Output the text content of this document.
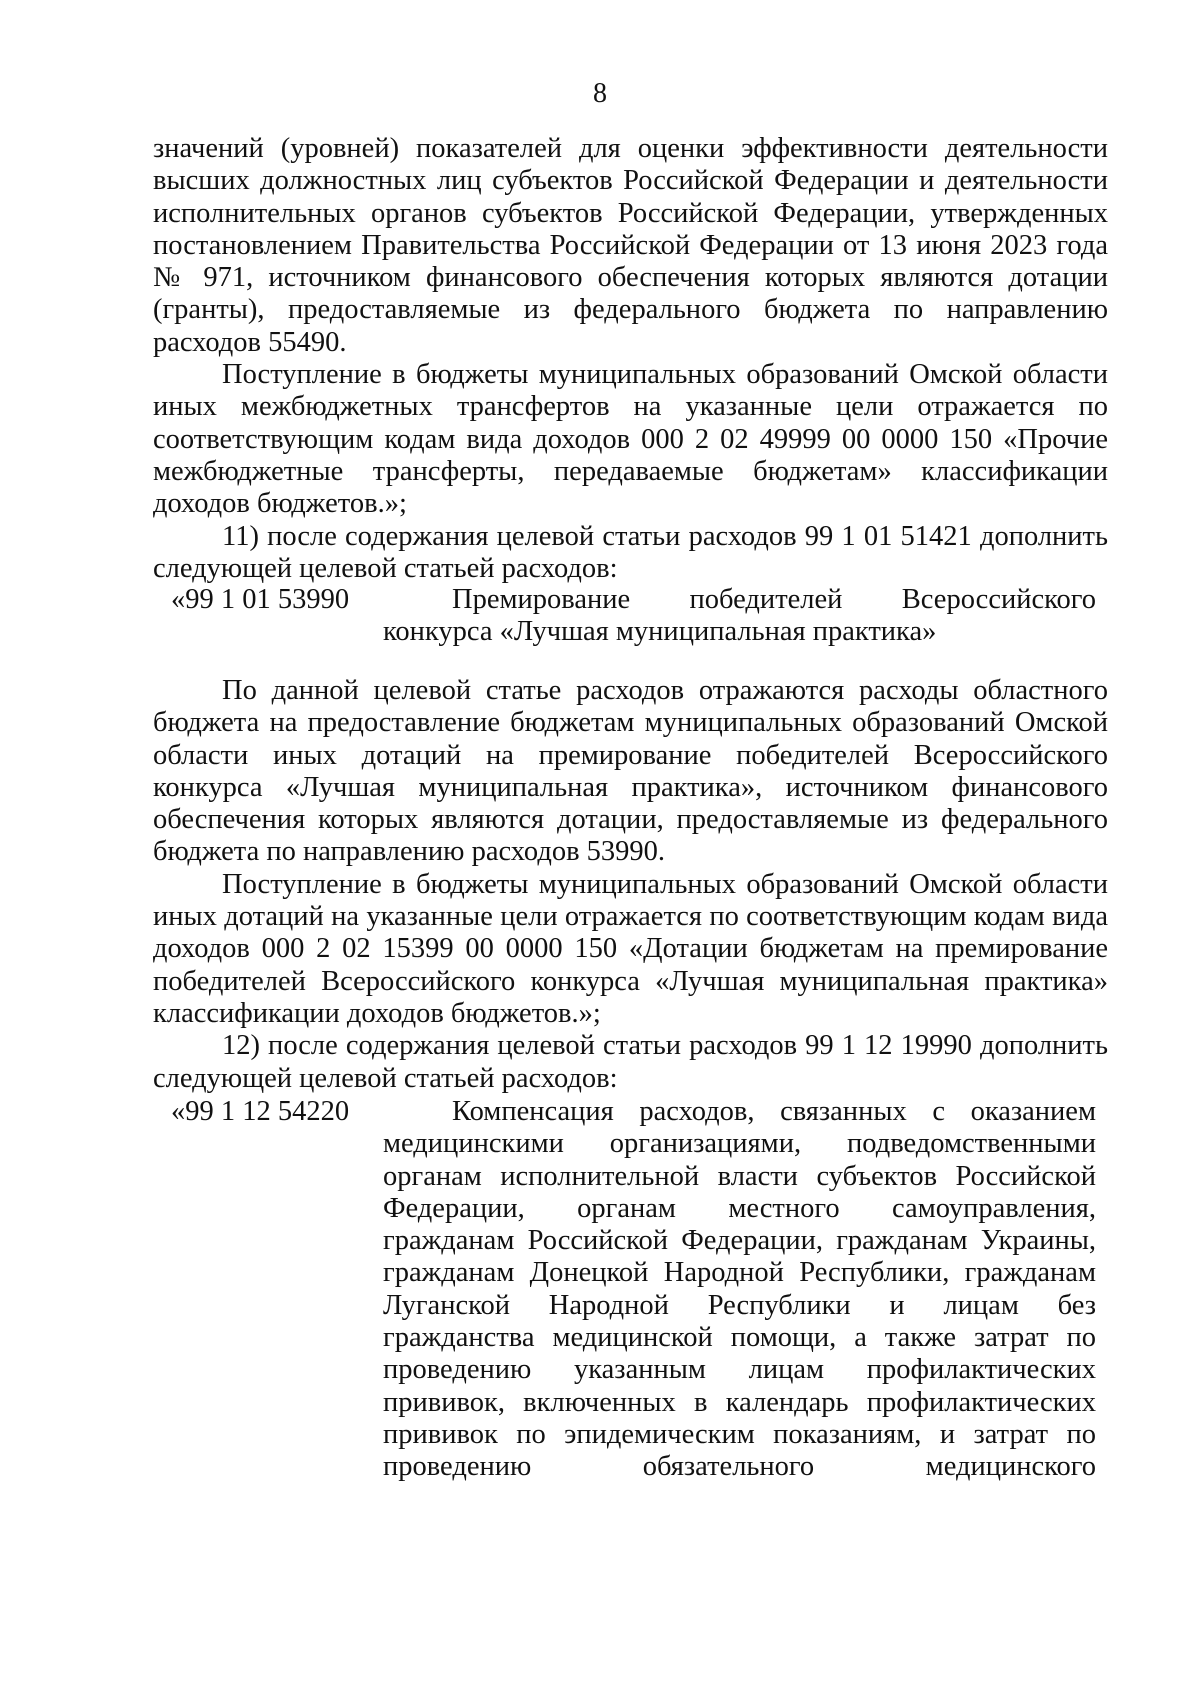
8

значений (уровней) показателей для оценки эффективности деятельности высших должностных лиц субъектов Российской Федерации и деятельности исполнительных органов субъектов Российской Федерации, утвержденных постановлением Правительства Российской Федерации от 13 июня 2023 года № 971, источником финансового обеспечения которых являются дотации (гранты), предоставляемые из федерального бюджета по направлению расходов 55490.

Поступление в бюджеты муниципальных образований Омской области иных межбюджетных трансфертов на указанные цели отражается по соответствующим кодам вида доходов 000 2 02 49999 00 0000 150 «Прочие межбюджетные трансферты, передаваемые бюджетам» классификации доходов бюджетов.»;

11) после содержания целевой статьи расходов 99 1 01 51421 дополнить следующей целевой статьей расходов:

«99 1 01 53990	Премирование победителей Всероссийского конкурса «Лучшая муниципальная практика»

По данной целевой статье расходов отражаются расходы областного бюджета на предоставление бюджетам муниципальных образований Омской области иных дотаций на премирование победителей Всероссийского конкурса «Лучшая муниципальная практика», источником финансового обеспечения которых являются дотации, предоставляемые из федерального бюджета по направлению расходов 53990.

Поступление в бюджеты муниципальных образований Омской области иных дотаций на указанные цели отражается по соответствующим кодам вида доходов 000 2 02 15399 00 0000 150 «Дотации бюджетам на премирование победителей Всероссийского конкурса «Лучшая муниципальная практика» классификации доходов бюджетов.»;

12) после содержания целевой статьи расходов 99 1 12 19990 дополнить следующей целевой статьей расходов:

«99 1 12 54220	Компенсация расходов, связанных с оказанием медицинскими организациями, подведомственными органам исполнительной власти субъектов Российской Федерации, органам местного самоуправления, гражданам Российской Федерации, гражданам Украины, гражданам Донецкой Народной Республики, гражданам Луганской Народной Республики и лицам без гражданства медицинской помощи, а также затрат по проведению указанным лицам профилактических прививок, включенных в календарь профилактических прививок по эпидемическим показаниям, и затрат по проведению обязательного медицинского
